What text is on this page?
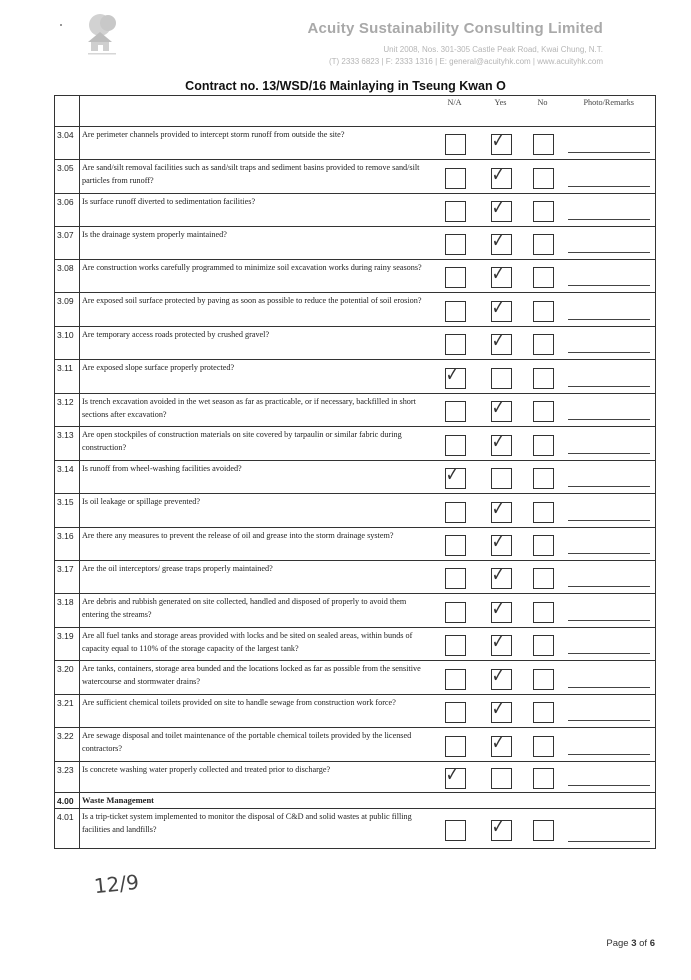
Acuity Sustainability Consulting Limited
Unit 2008, Nos. 301-305 Castle Peak Road, Kwai Chung, N.T.
(T) 2333 6823 | F: 2333 1316 | E: general@acuityhk.com | www.acuityhk.com
Contract no. 13/WSD/16 Mainlaying in Tseung Kwan O
		N/A	Yes	No	Photo/Remarks
3.04	Are perimeter channels provided to intercept storm runoff from outside the site?		✓		

3.05	Are sand/silt removal facilities such as sand/silt traps and sediment basins provided to remove sand/silt particles from runoff?		✓		

3.06	Is surface runoff diverted to sedimentation facilities?		✓		

3.07	Is the drainage system properly maintained?		✓		

3.08	Are construction works carefully programmed to minimize soil excavation works during rainy seasons?		✓		

3.09	Are exposed soil surface protected by paving as soon as possible to reduce the potential of soil erosion?		✓		

3.10	Are temporary access roads protected by crushed gravel?		✓		

3.11	Are exposed slope surface properly protected?	✓			

3.12	Is trench excavation avoided in the wet season as far as practicable, or if necessary, backfilled in short sections after excavation?		✓		

3.13	Are open stockpiles of construction materials on site covered by tarpaulin or similar fabric during construction?		✓		

3.14	Is runoff from wheel-washing facilities avoided?	✓			

3.15	Is oil leakage or spillage prevented?		✓		

3.16	Are there any measures to prevent the release of oil and grease into the storm drainage system?		✓		

3.17	Are the oil interceptors/ grease traps properly maintained?		✓		

3.18	Are debris and rubbish generated on site collected, handled and disposed of properly to avoid them entering the streams?		✓		

3.19	Are all fuel tanks and storage areas provided with locks and be sited on sealed areas, within bunds of capacity equal to 110% of the storage capacity of the largest tank?		✓		

3.20	Are tanks, containers, storage area bunded and the locations locked as far as possible from the sensitive watercourse and stormwater drains?		✓		

3.21	Are sufficient chemical toilets provided on site to handle sewage from construction work force?		✓		

3.22	Are sewage disposal and toilet maintenance of the portable chemical toilets provided by the licensed contractors?		✓		

3.23	Is concrete washing water properly collected and treated prior to discharge?	✓			

4.00	Waste Management				
4.01	Is a trip-ticket system implemented to monitor the disposal of C&D and solid wastes at public filling facilities and landfills?		✓		

12/9
Page 3 of 6
